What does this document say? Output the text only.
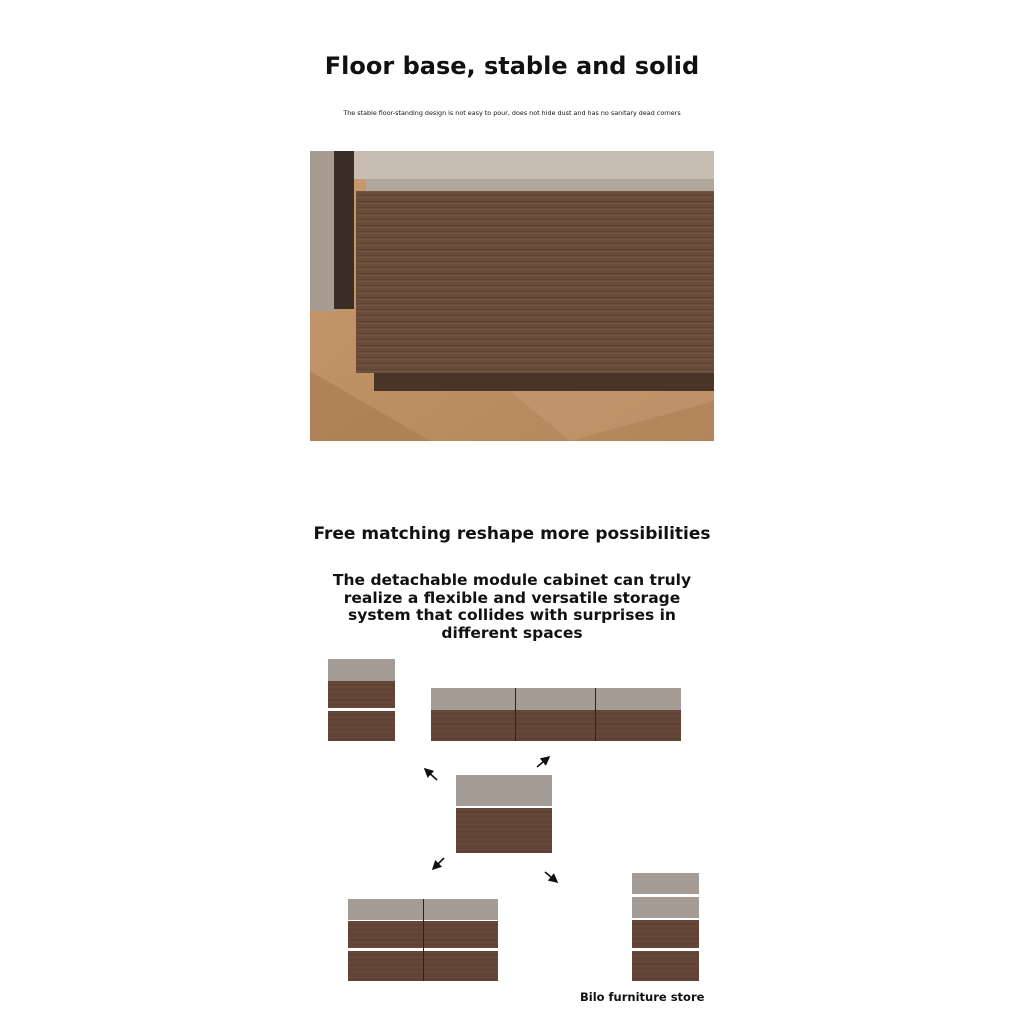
Floor base, stable and solid
The stable floor-standing design is not easy to pour, does not hide dust and has no sanitary dead corners
Free matching reshape more possibilities
The detachable module cabinet can truly realize a flexible and versatile storage system that collides with surprises in different spaces
Bilo furniture store
